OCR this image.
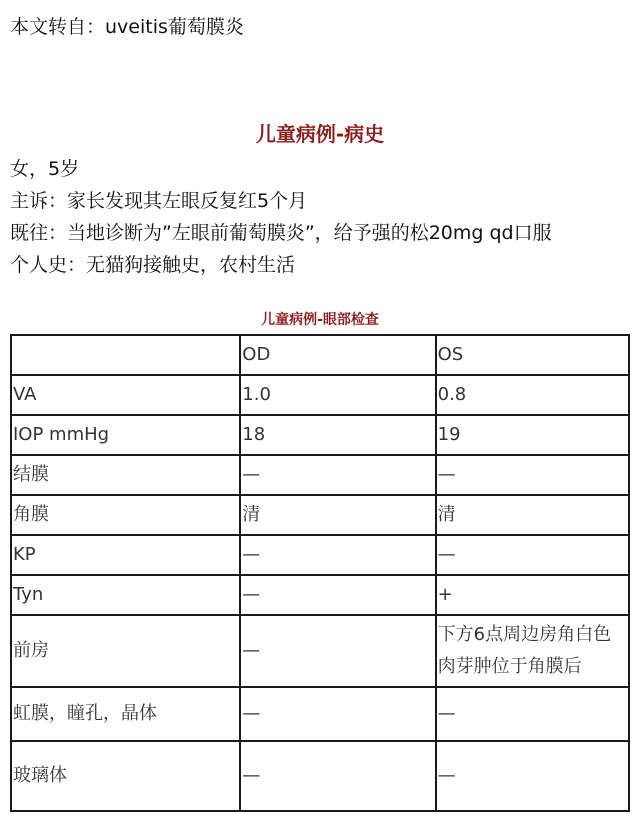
本文转自：uveitis葡萄膜炎
儿童病例-病史
女，5岁
主诉：家长发现其左眼反复红5个月
既往：当地诊断为”左眼前葡萄膜炎”，给予强的松20mg qd口服
个人史：无猫狗接触史，农村生活
儿童病例-眼部检查
	OD	OS
VA	1.0	0.8
IOP mmHg	18	19
结膜	—	—
角膜	清	清
KP	—	—
Tyn	—	+
前房	—	下方6点周边房角白色肉芽肿位于角膜后
虹膜，瞳孔，晶体	—	—
玻璃体	—	—
